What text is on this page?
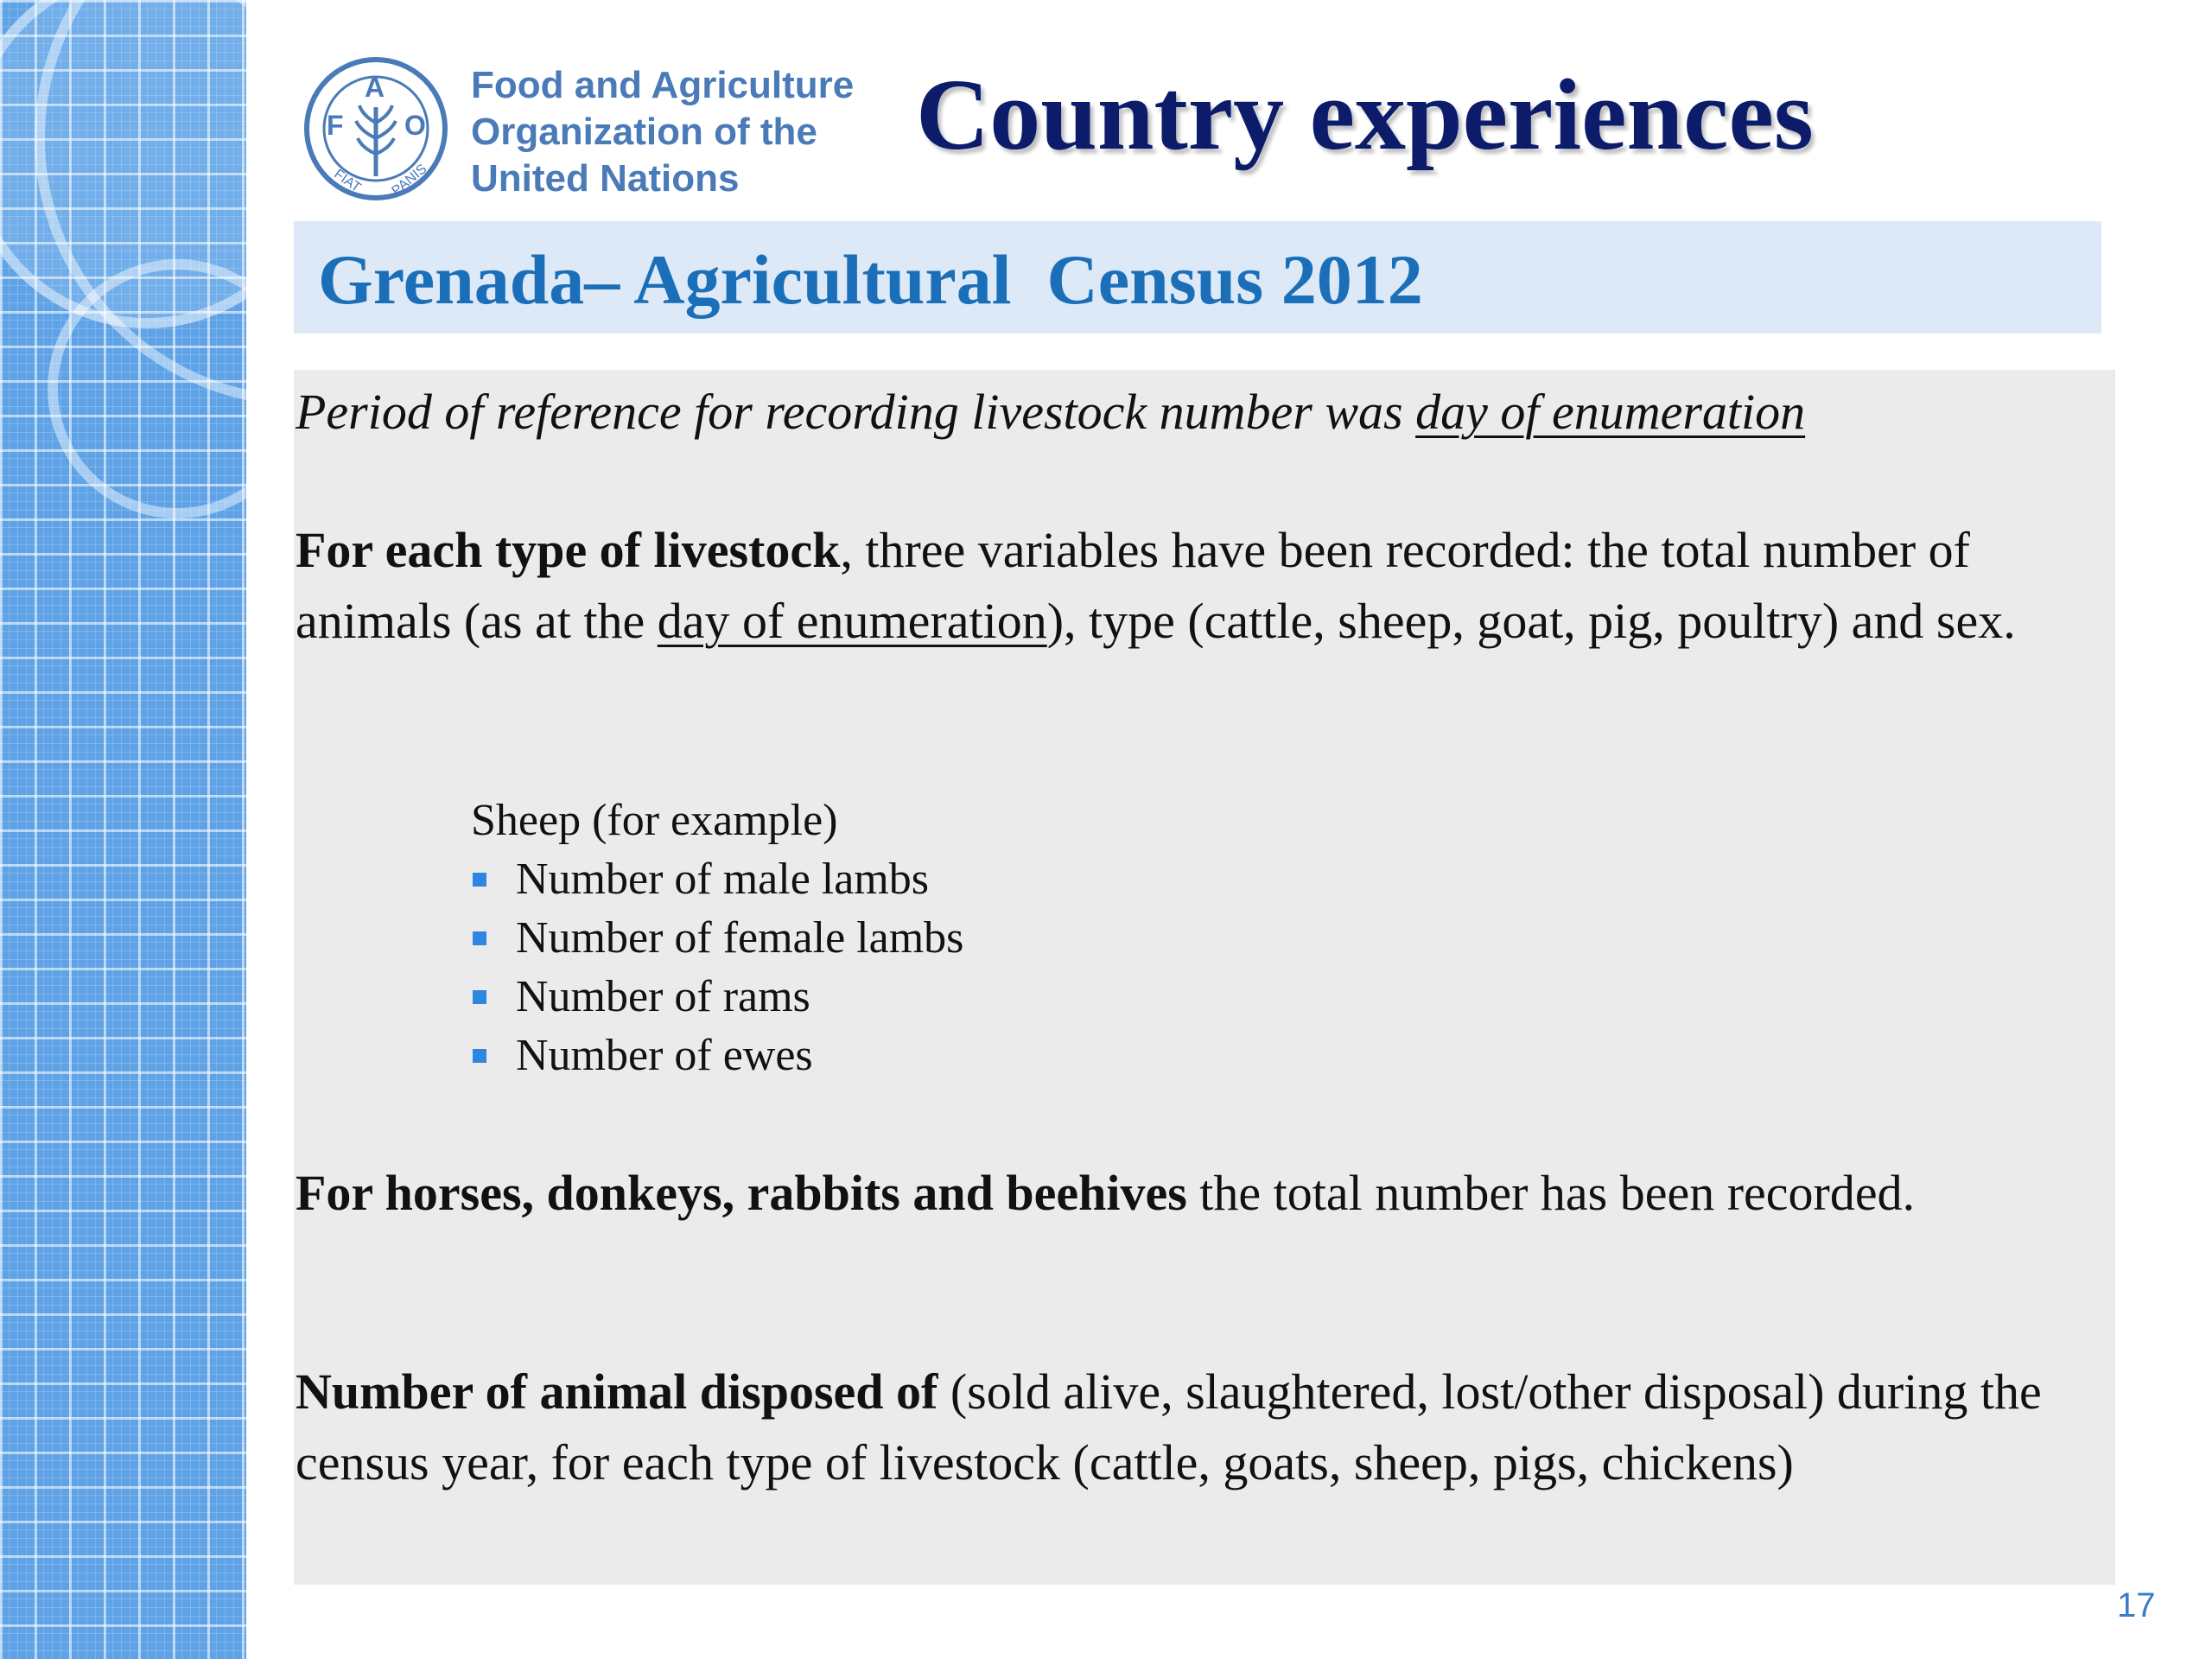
F
A
O
FIAT PANIS
Food and Agriculture
Organization of the
United Nations
Country experiences
Grenada– Agricultural  Census 2012
Period of reference for recording livestock number was day of enumeration
For each type of livestock, three variables have been recorded: the total number of animals (as at the day of enumeration), type (cattle, sheep, goat, pig, poultry) and sex.
Sheep (for example)
Number of male lambs
Number of female lambs
Number of rams
Number of ewes
For horses, donkeys, rabbits and beehives the total number has been recorded.
Number of animal disposed of (sold alive, slaughtered, lost/other disposal) during the census year, for each type of livestock (cattle, goats, sheep, pigs, chickens)
17
